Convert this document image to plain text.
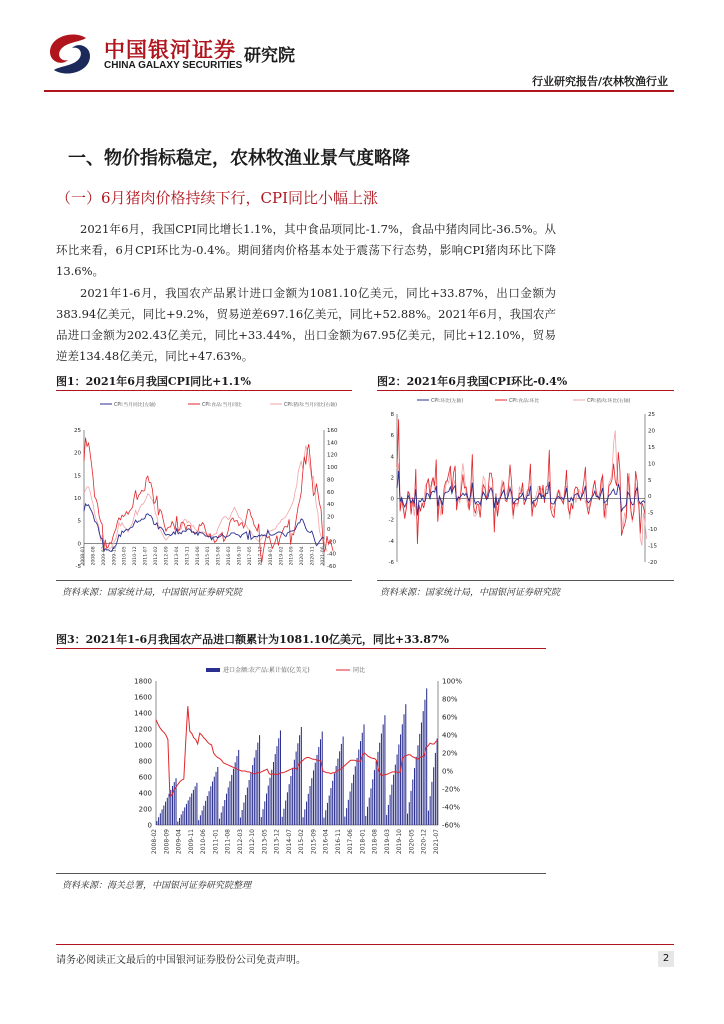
中国银河证券
CHINA GALAXY SECURITIES 研究院
行业研究报告/农林牧渔行业
一、物价指标稳定，农林牧渔业景气度略降
（一）6月猪肉价格持续下行，CPI同比小幅上涨
2021年6月，我国CPI同比增长1.1%，其中食品项同比-1.7%，食品中猪肉同比-36.5%。从环比来看，6月CPI环比为-0.4%。期间猪肉价格基本处于震荡下行态势，影响CPI猪肉环比下降13.6%。
2021年1-6月，我国农产品累计进口金额为1081.10亿美元，同比+33.87%，出口金额为383.94亿美元，同比+9.2%，贸易逆差697.16亿美元，同比+52.88%。2021年6月，我国农产品进口金额为202.43亿美元，同比+33.44%，出口金额为67.95亿美元，同比+12.10%，贸易逆差134.48亿美元，同比+47.63%。
图1：2021年6月我国CPI同比+1.1%
-5
0
5
10
15
20
25
-60
-40
-20
0
20
40
60
80
100
120
140
160
2008-01 2008-08 2009-03 2009-10 2010-05 2010-12 2011-07 2012-02 2012-09 2013-04 2013-11 2014-06 2015-01 2015-08 2016-03 2016-10 2017-05 2017-12 2018-07 2019-02 2019-09 2020-04 2020-11 2021-06
CPI:当月同比(左轴)	CPI:食品:当月同比	CPI:猪肉:当月同比(右轴)
资料来源：国家统计局，中国银河证券研究院
图2：2021年6月我国CPI环比-0.4%
-6
-4
-2
0
2
4
6
8
-20
-15
-10
-5
0
5
10
15
20
25
CPI:环比(左轴)	CPI:食品:环比	CPI:猪肉:环比(右轴)
资料来源：国家统计局，中国银河证券研究院
图3：2021年1-6月我国农产品进口额累计为1081.10亿美元，同比+33.87%
0
200
400
600
800
1000
1200
1400
1600
1800
-60%
-40%
-20%
0%
20%
40%
60%
80%
100%
2008-02 2008-09 2009-04 2009-11 2010-06 2011-01 2011-08 2012-03 2012-10 2013-05 2013-12 2014-07 2015-02 2015-09 2016-04 2016-11 2017-06 2018-01 2018-08 2019-03 2019-10 2020-05 2020-12 2021-07
进口金额:农产品:累计值(亿美元)	同比
资料来源：海关总署，中国银河证券研究院整理
请务必阅读正文最后的中国银河证券股份公司免责声明。	2
